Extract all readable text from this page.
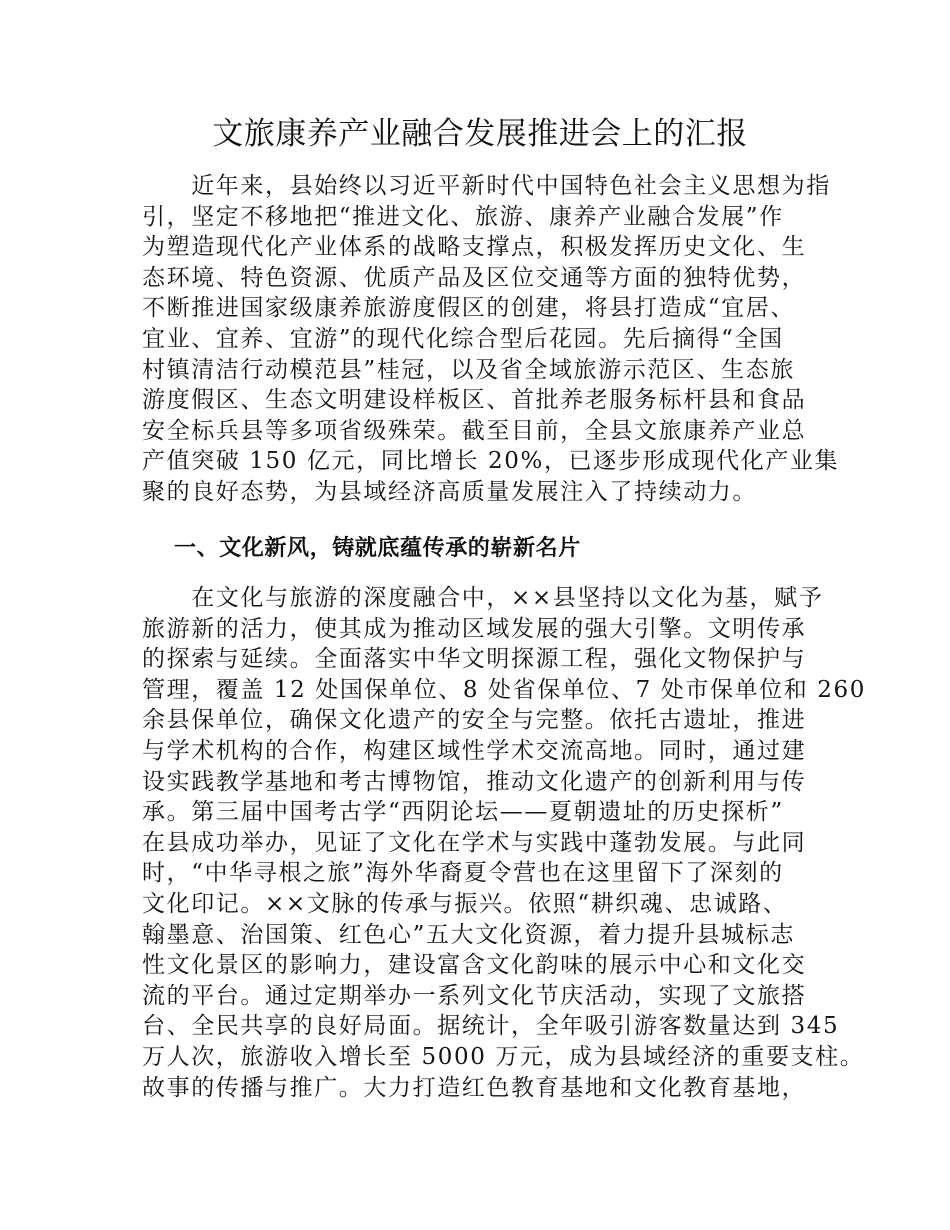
文旅康养产业融合发展推进会上的汇报

　　近年来，县始终以习近平新时代中国特色社会主义思想为指
引，坚定不移地把“推进文化、旅游、康养产业融合发展”作
为塑造现代化产业体系的战略支撑点，积极发挥历史文化、生
态环境、特色资源、优质产品及区位交通等方面的独特优势，
不断推进国家级康养旅游度假区的创建，将县打造成“宜居、
宜业、宜养、宜游”的现代化综合型后花园。先后摘得“全国
村镇清洁行动模范县”桂冠，以及省全域旅游示范区、生态旅
游度假区、生态文明建设样板区、首批养老服务标杆县和食品
安全标兵县等多项省级殊荣。截至目前，全县文旅康养产业总
产值突破 150 亿元，同比增长 20%，已逐步形成现代化产业集
聚的良好态势，为县域经济高质量发展注入了持续动力。

一、文化新风，铸就底蕴传承的崭新名片

　　在文化与旅游的深度融合中，××县坚持以文化为基，赋予
旅游新的活力，使其成为推动区域发展的强大引擎。文明传承
的探索与延续。全面落实中华文明探源工程，强化文物保护与
管理，覆盖 12 处国保单位、8 处省保单位、7 处市保单位和 260
余县保单位，确保文化遗产的安全与完整。依托古遗址，推进
与学术机构的合作，构建区域性学术交流高地。同时，通过建
设实践教学基地和考古博物馆，推动文化遗产的创新利用与传
承。第三届中国考古学“西阴论坛——夏朝遗址的历史探析”
在县成功举办，见证了文化在学术与实践中蓬勃发展。与此同
时，“中华寻根之旅”海外华裔夏令营也在这里留下了深刻的
文化印记。××文脉的传承与振兴。依照“耕织魂、忠诚路、
翰墨意、治国策、红色心”五大文化资源，着力提升县城标志
性文化景区的影响力，建设富含文化韵味的展示中心和文化交
流的平台。通过定期举办一系列文化节庆活动，实现了文旅搭
台、全民共享的良好局面。据统计，全年吸引游客数量达到 345
万人次，旅游收入增长至 5000 万元，成为县域经济的重要支柱。
故事的传播与推广。大力打造红色教育基地和文化教育基地，
